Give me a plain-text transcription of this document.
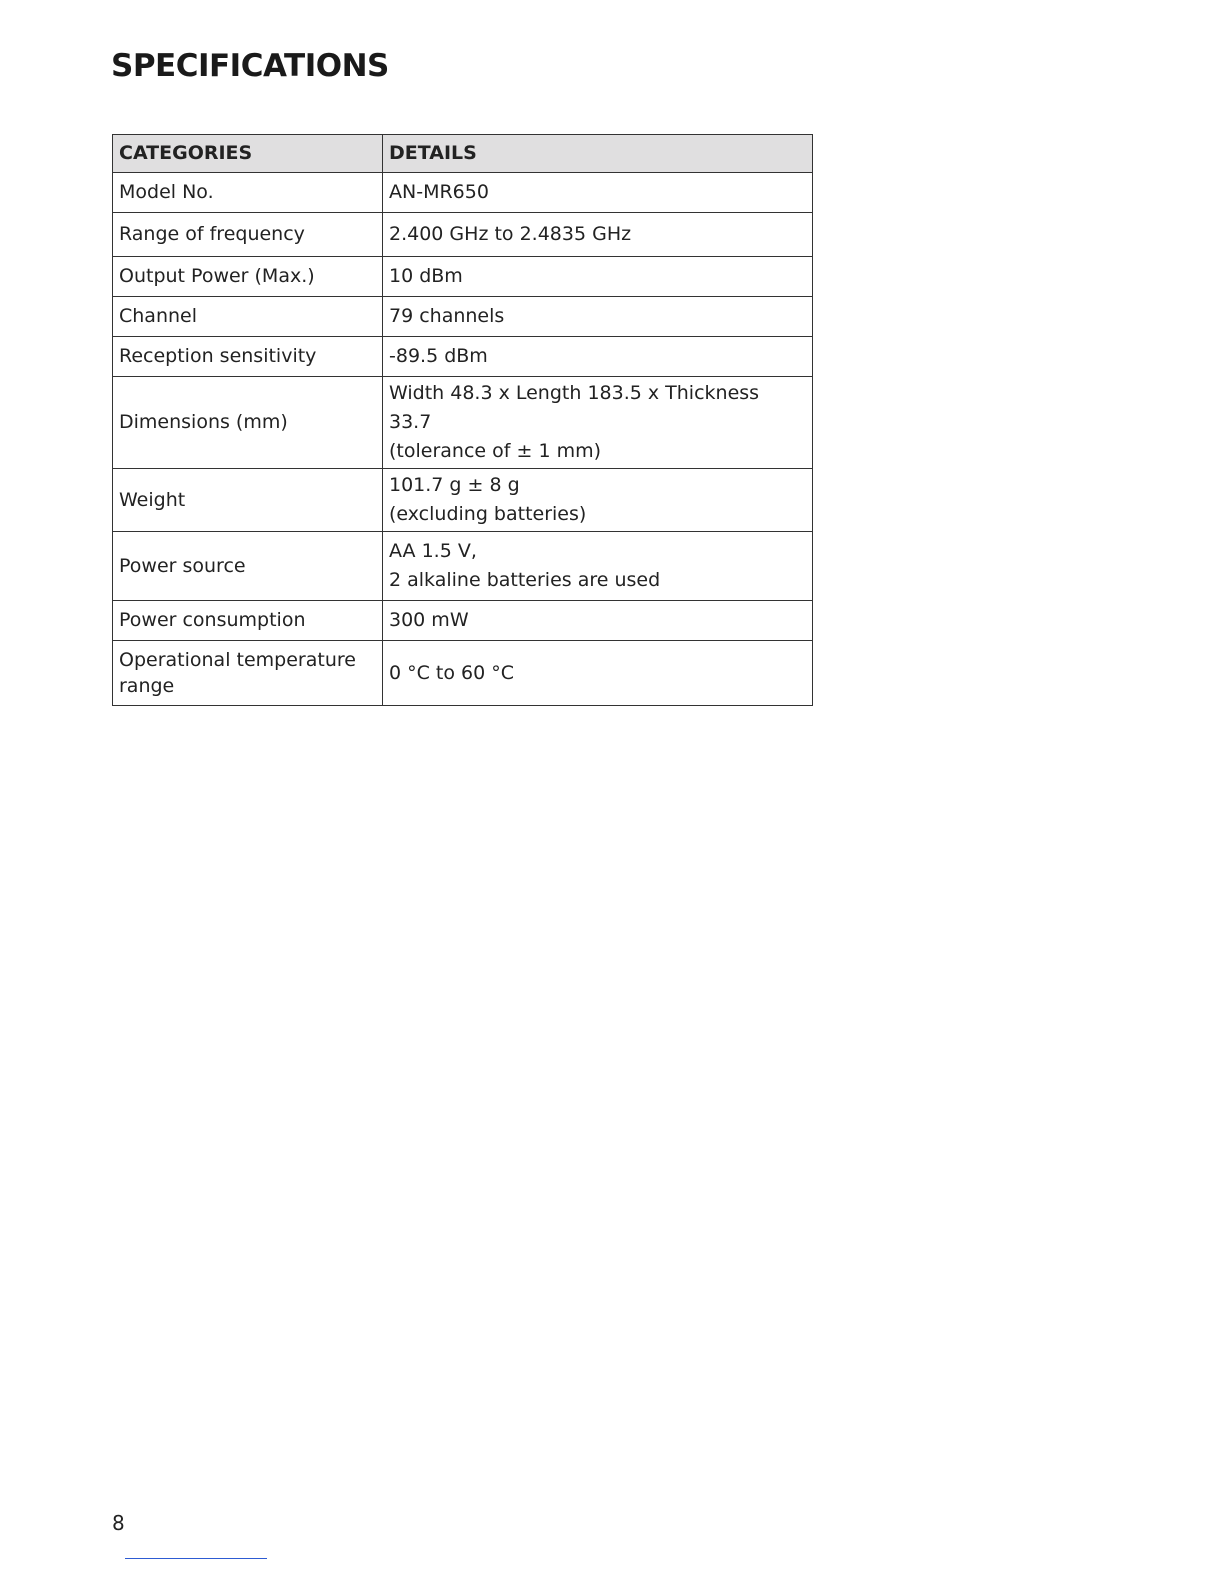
SPECIFICATIONS
CATEGORIES	DETAILS
Model No.	AN-MR650

Range of frequency	2.400 GHz to 2.4835 GHz

Output Power (Max.)	10 dBm

Channel	79 channels

Reception sensitivity	-89.5 dBm

Dimensions (mm)	Width 48.3 x Length 183.5 x Thickness 33.7
(tolerance of ± 1 mm)

Weight	101.7 g ± 8 g
(excluding batteries)

Power source	AA 1.5 V,
2 alkaline batteries are used

Power consumption	300 mW

Operational temperature range	0 °C to 60 °C
8
